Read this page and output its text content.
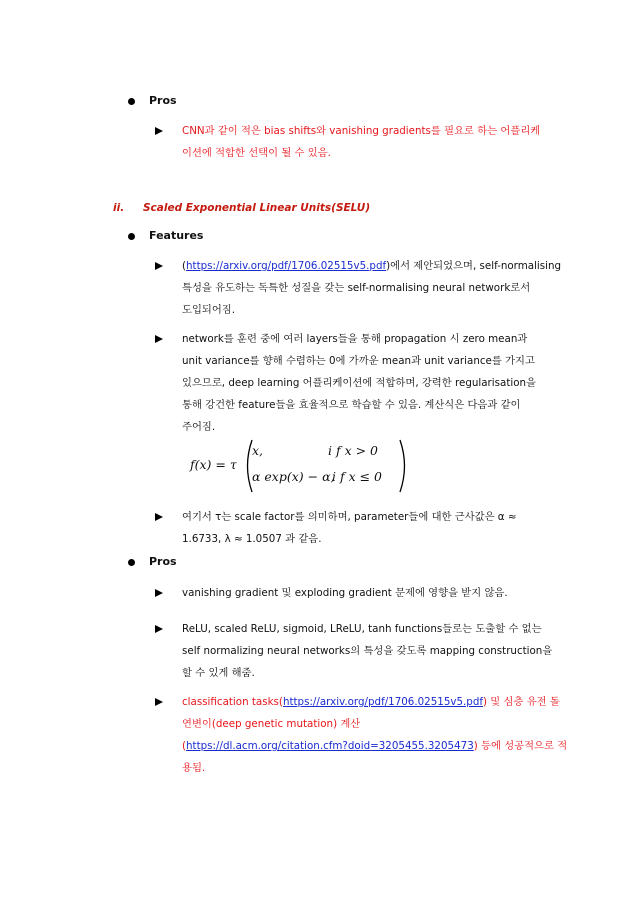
Pros
CNN과 같이 적은 bias shifts와 vanishing gradients를 필요로 하는 어플리케
이션에 적합한 선택이 될 수 있음.
ii. Scaled Exponential Linear Units(SELU)
Features
(https://arxiv.org/pdf/1706.02515v5.pdf)에서 제안되었으며, self-normalising
특성을 유도하는 독특한 성질을 갖는 self-normalising neural network로서
도입되어짐.
network를 훈련 중에 여러 layers들을 통해 propagation 시 zero mean과
unit variance를 향해 수렴하는 0에 가까운 mean과 unit variance를 가지고
있으므로, deep learning 어플리케이션에 적합하며, 강력한 regularisation을
통해 강건한 feature들을 효율적으로 학습할 수 있음. 계산식은 다음과 같이
주어짐.
f(x) = τ
x,	i f x > 0
α exp(x) − α,
i f x ≤ 0
여기서 τ는 scale factor를 의미하며, parameter들에 대한 근사값은 α ≈
1.6733, λ ≈ 1.0507 과 같음.
Pros
vanishing gradient 및 exploding gradient 문제에 영향을 받지 않음.
ReLU, scaled ReLU, sigmoid, LReLU, tanh functions들로는 도출할 수 없는
self normalizing neural networks의 특성을 갖도록 mapping construction을
할 수 있게 해줌.
classification tasks(https://arxiv.org/pdf/1706.02515v5.pdf) 및 심층 유전 돌
연변이(deep genetic mutation) 계산
(https://dl.acm.org/citation.cfm?doid=3205455.3205473) 등에 성공적으로 적
용됨.
